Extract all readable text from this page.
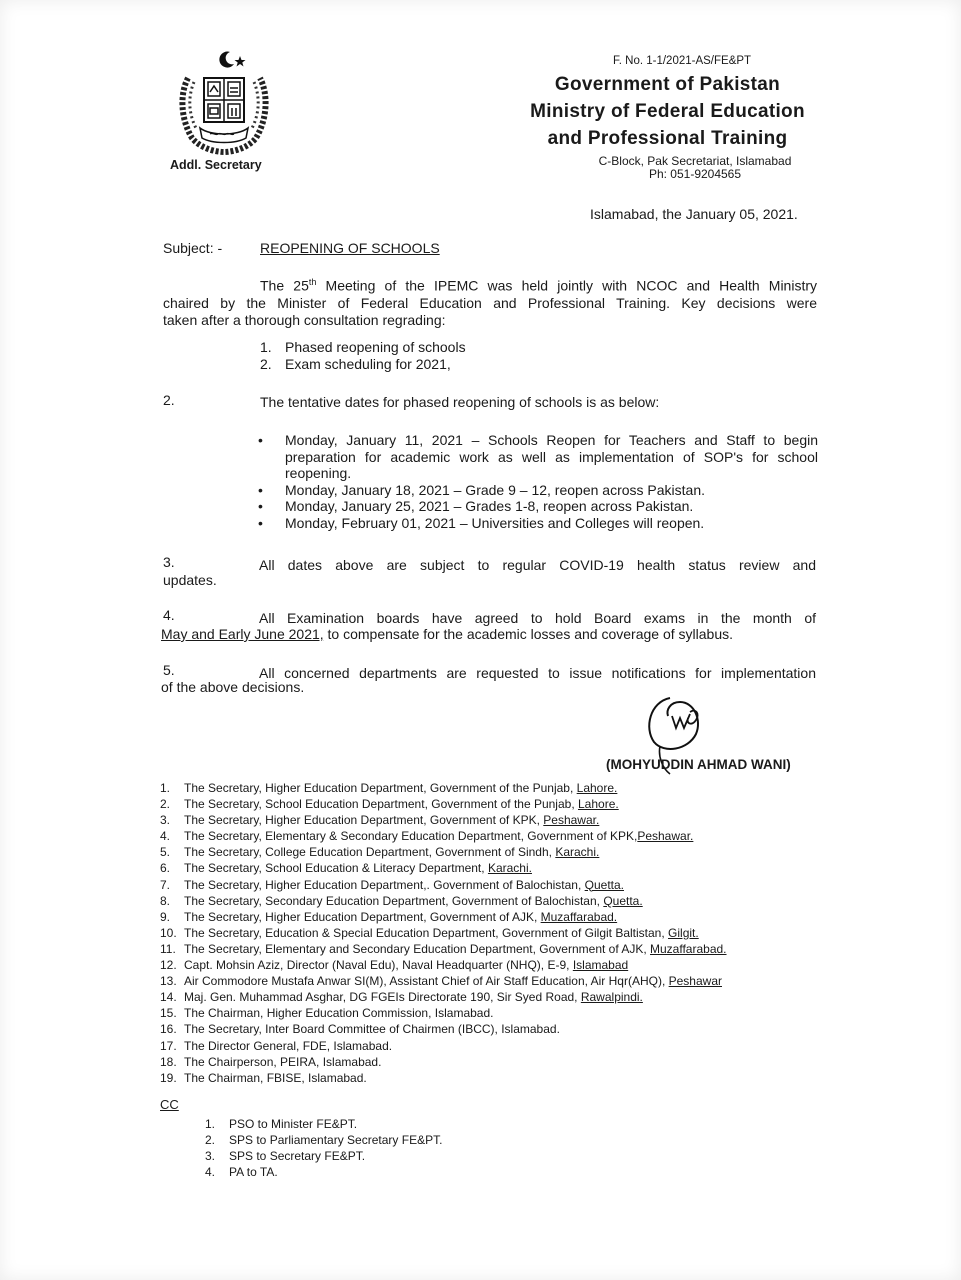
Addl. Secretary
F. No. 1-1/2021-AS/FE&PT
Government of Pakistan
Ministry of Federal Education
and Professional Training
C-Block, Pak Secretariat, Islamabad
Ph: 051-9204565
Islamabad, the January 05, 2021.
Subject: -	REOPENING OF SCHOOLS
The 25th Meeting of the IPEMC was held jointly with NCOC and Health Ministry
chaired by the Minister of Federal Education and Professional Training. Key decisions were
taken after a thorough consultation regrading:
1. Phased reopening of schools
2. Exam scheduling for 2021,
2.	The tentative dates for phased reopening of schools is as below:
• Monday, January 11, 2021 – Schools Reopen for Teachers and Staff to begin
preparation for academic work as well as implementation of SOP's for school
reopening.
• Monday, January 18, 2021 – Grade 9 – 12, reopen across Pakistan.
• Monday, January 25, 2021 – Grades 1-8, reopen across Pakistan.
• Monday, February 01, 2021 – Universities and Colleges will reopen.
3.	All dates above are subject to regular COVID-19 health status review and
updates.
4.	All Examination boards have agreed to hold Board exams in the month of
May and Early June 2021, to compensate for the academic losses and coverage of syllabus.
5.	All concerned departments are requested to issue notifications for implementation
of the above decisions.
(MOHYUDDIN AHMAD WANI)
1. The Secretary, Higher Education Department, Government of the Punjab, Lahore.
2. The Secretary, School Education Department, Government of the Punjab, Lahore.
3. The Secretary, Higher Education Department, Government of KPK, Peshawar.
4. The Secretary, Elementary & Secondary Education Department, Government of KPK,Peshawar.
5. The Secretary, College Education Department, Government of Sindh, Karachi.
6. The Secretary, School Education & Literacy Department, Karachi.
7. The Secretary, Higher Education Department,. Government of Balochistan, Quetta.
8. The Secretary, Secondary Education Department, Government of Balochistan, Quetta.
9. The Secretary, Higher Education Department, Government of AJK, Muzaffarabad.
10. The Secretary, Education & Special Education Department, Government of Gilgit Baltistan, Gilgit.
11. The Secretary, Elementary and Secondary Education Department, Government of AJK, Muzaffarabad.
12. Capt. Mohsin Aziz, Director (Naval Edu), Naval Headquarter (NHQ), E-9, Islamabad
13. Air Commodore Mustafa Anwar SI(M), Assistant Chief of Air Staff Education, Air Hqr(AHQ), Peshawar
14. Maj. Gen. Muhammad Asghar, DG FGEIs Directorate 190, Sir Syed Road, Rawalpindi.
15. The Chairman, Higher Education Commission, Islamabad.
16. The Secretary, Inter Board Committee of Chairmen (IBCC), Islamabad.
17. The Director General, FDE, Islamabad.
18. The Chairperson, PEIRA, Islamabad.
19. The Chairman, FBISE, Islamabad.
CC
1. PSO to Minister FE&PT.
2. SPS to Parliamentary Secretary FE&PT.
3. SPS to Secretary FE&PT.
4. PA to TA.
